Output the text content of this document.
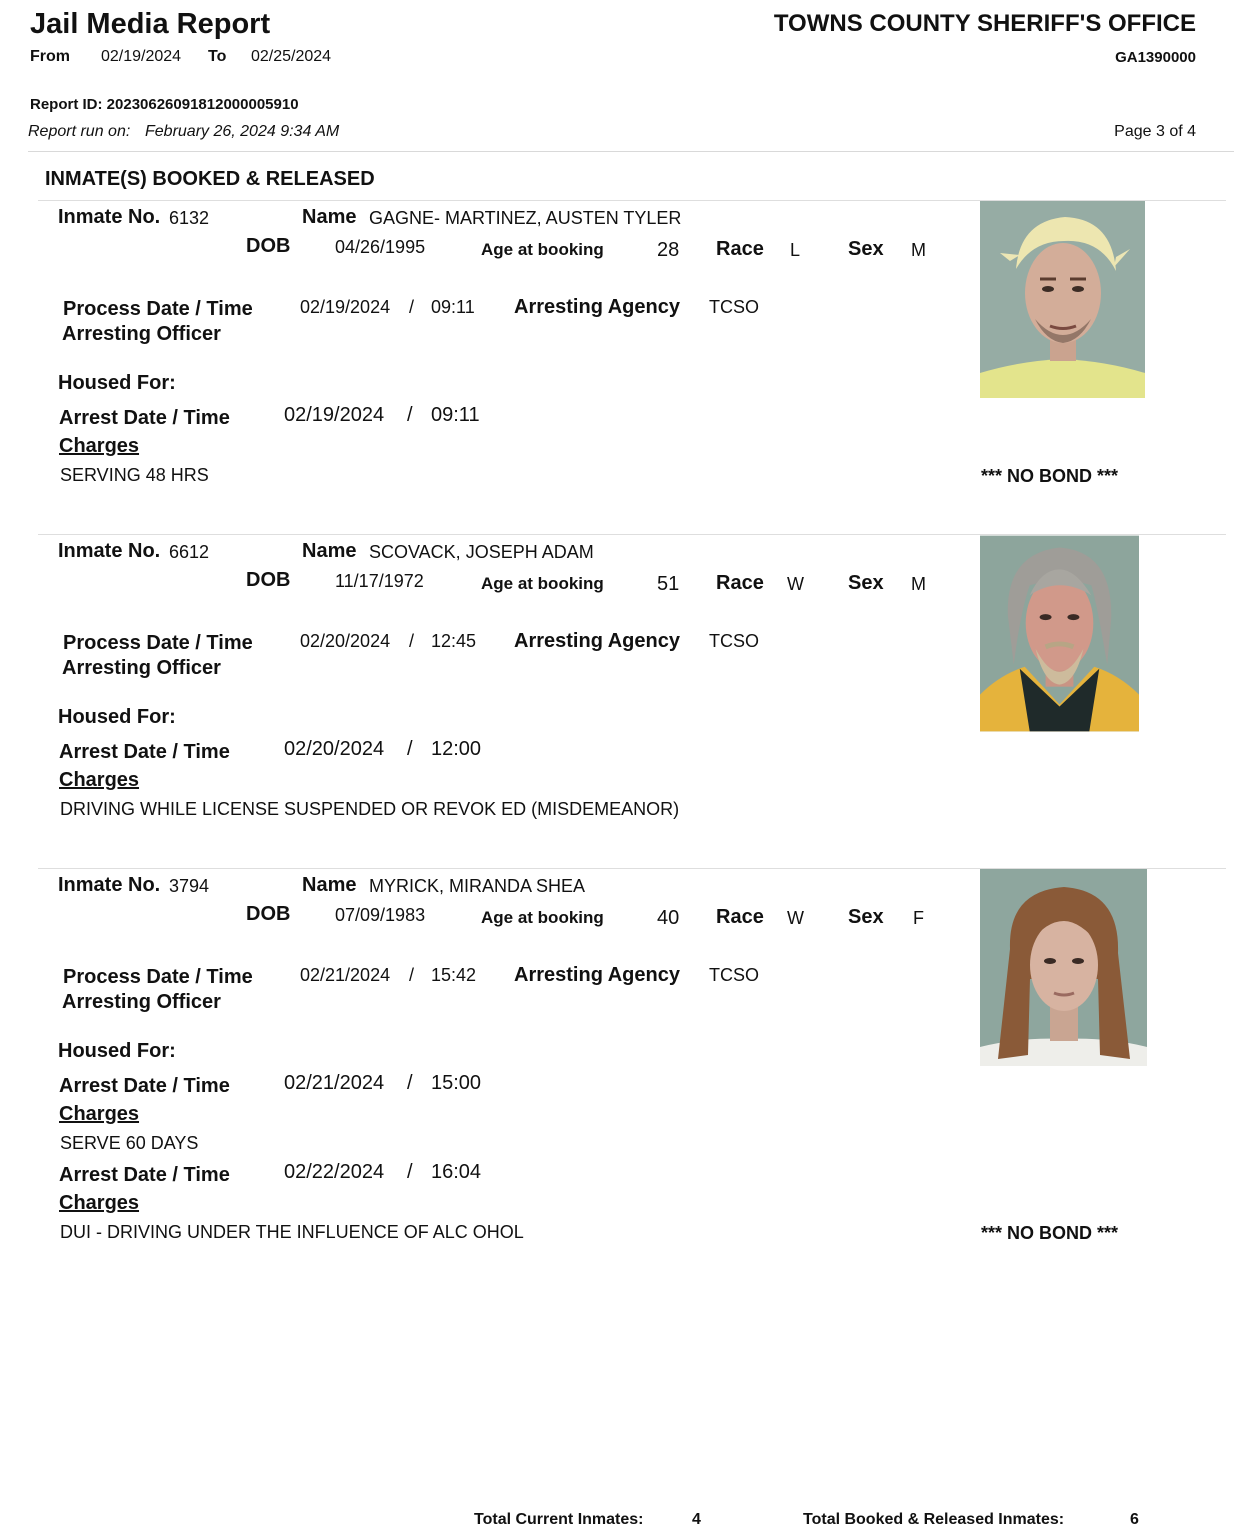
Jail Media Report	TOWNS COUNTY SHERIFF'S OFFICE
From 02/19/2024 To 02/25/2024	GA1390000
Report ID: 20230626091812000005910
Report run on: February 26, 2024 9:34 AM	Page 3 of 4
INMATE(S) BOOKED & RELEASED
Inmate No. 6132	Name GAGNE- MARTINEZ, AUSTEN TYLER
DOB 04/26/1995	Age at booking	28 Race L Sex M
Process Date / Time	02/19/2024 / 09:11 Arresting Agency TCSO
Arresting Officer
Housed For:
Arrest Date / Time	02/19/2024 / 09:11
Charges
SERVING 48 HRS	*** NO BOND ***
Inmate No. 6612	Name SCOVACK, JOSEPH ADAM
DOB 11/17/1972	Age at booking	51 Race W Sex M
Process Date / Time	02/20/2024 / 12:45 Arresting Agency TCSO
Arresting Officer
Housed For:
Arrest Date / Time	02/20/2024 / 12:00
Charges
DRIVING WHILE LICENSE SUSPENDED OR REVOK ED (MISDEMEANOR)
Inmate No. 3794	Name MYRICK, MIRANDA SHEA
DOB 07/09/1983	Age at booking	40 Race W Sex F
Process Date / Time	02/21/2024 / 15:42 Arresting Agency TCSO
Arresting Officer
Housed For:
Arrest Date / Time	02/21/2024 / 15:00
Charges
SERVE 60 DAYS
Arrest Date / Time	02/22/2024 / 16:04
Charges
DUI - DRIVING UNDER THE INFLUENCE OF ALC OHOL	*** NO BOND ***
Total Current Inmates:	4	Total Booked & Released Inmates:	6
